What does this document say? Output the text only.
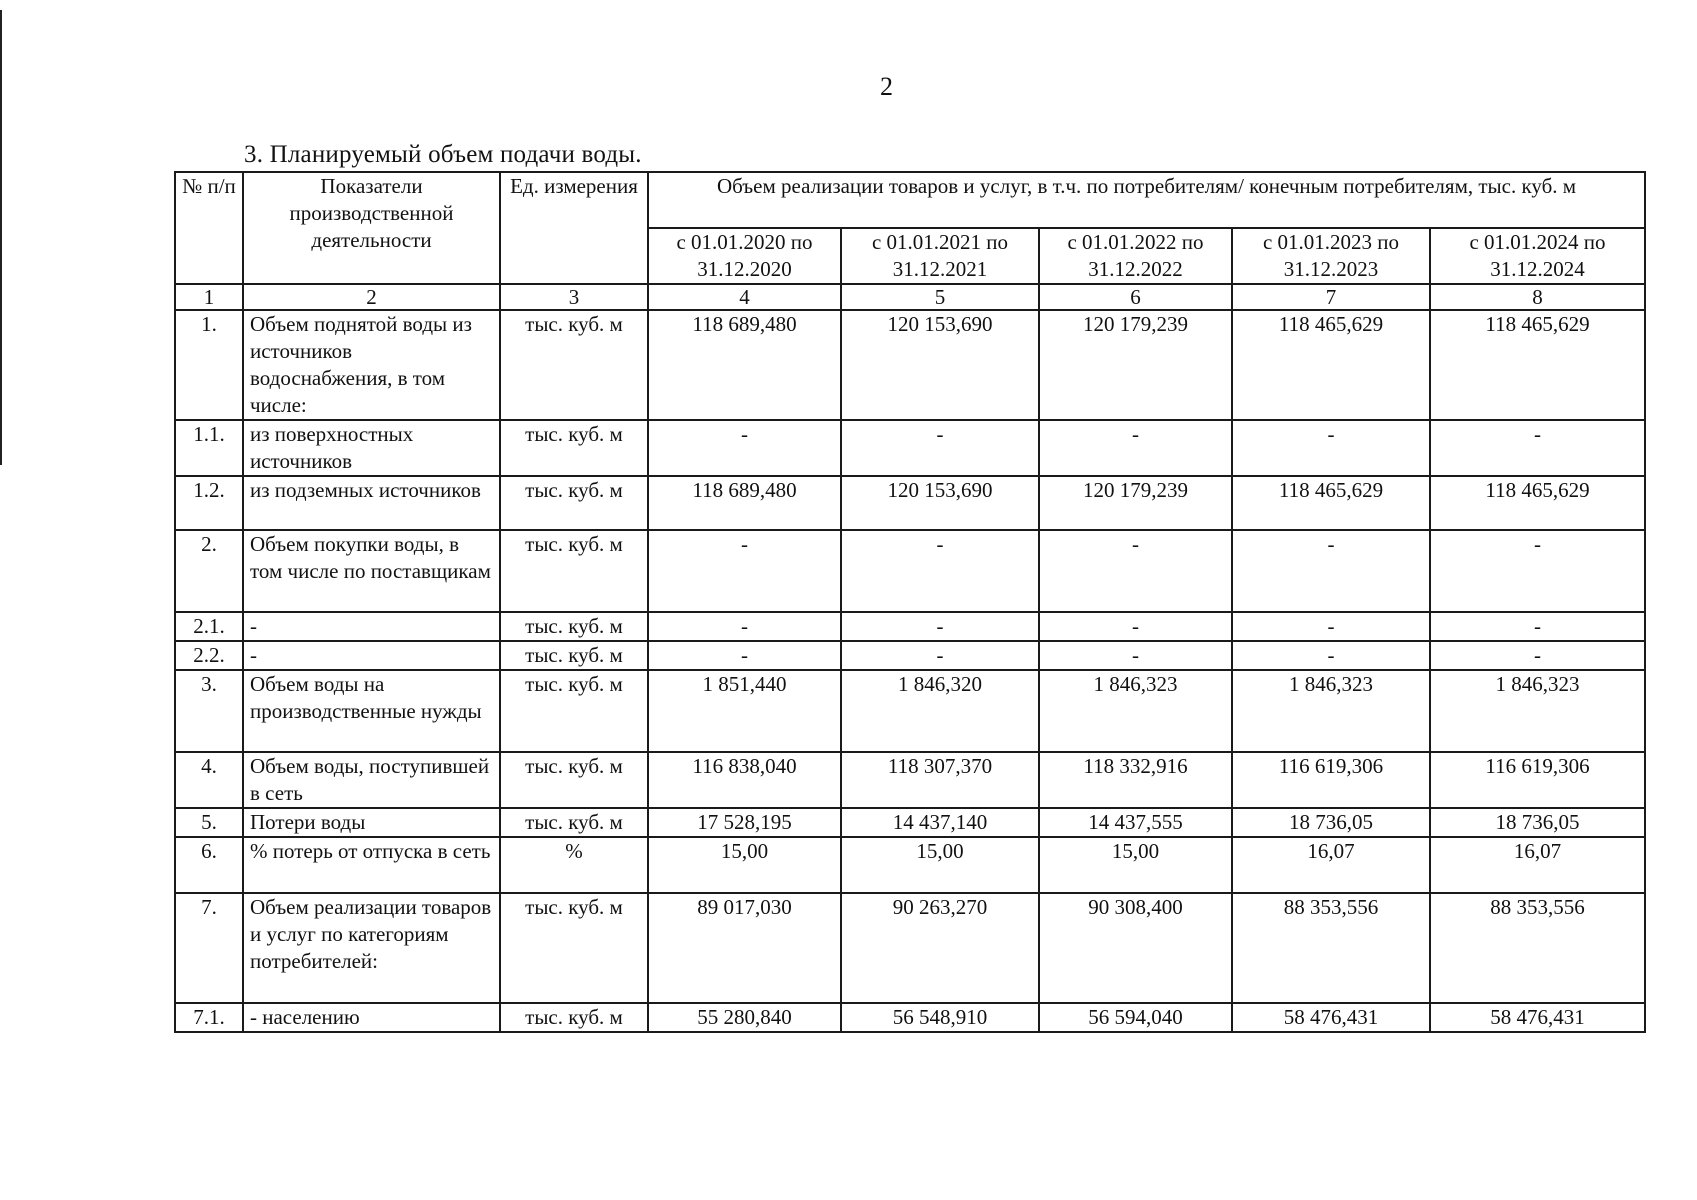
2
3. Планируемый объем подачи воды.
№ п/п	Показатели производственной деятельности	Ед. измерения	Объем реализации товаров и услуг, в т.ч. по потребителям/ конечным потребителям, тыс. куб. м				
			с 01.01.2020 по 31.12.2020	с 01.01.2021 по 31.12.2021	с 01.01.2022 по 31.12.2022	с 01.01.2023 по 31.12.2023	с 01.01.2024 по 31.12.2024
1	2	3	4	5	6	7	8
1.	Объем поднятой воды из источников водоснабжения, в том числе:	тыс. куб. м	118 689,480	120 153,690	120 179,239	118 465,629	118 465,629
1.1.	из поверхностных источников	тыс. куб. м	-	-	-	-	-
1.2.	из подземных источников	тыс. куб. м	118 689,480	120 153,690	120 179,239	118 465,629	118 465,629
2.	Объем покупки воды, в том числе по поставщикам	тыс. куб. м	-	-	-	-	-
2.1.	-	тыс. куб. м	-	-	-	-	-
2.2.	-	тыс. куб. м	-	-	-	-	-
3.	Объем воды на производственные нужды	тыс. куб. м	1 851,440	1 846,320	1 846,323	1 846,323	1 846,323
4.	Объем воды, поступившей в сеть	тыс. куб. м	116 838,040	118 307,370	118 332,916	116 619,306	116 619,306
5.	Потери воды	тыс. куб. м	17 528,195	14 437,140	14 437,555	18 736,05	18 736,05
6.	% потерь от отпуска в сеть	%	15,00	15,00	15,00	16,07	16,07
7.	Объем реализации товаров и услуг по категориям потребителей:	тыс. куб. м	89 017,030	90 263,270	90 308,400	88 353,556	88 353,556
7.1.	- населению	тыс. куб. м	55 280,840	56 548,910	56 594,040	58 476,431	58 476,431
